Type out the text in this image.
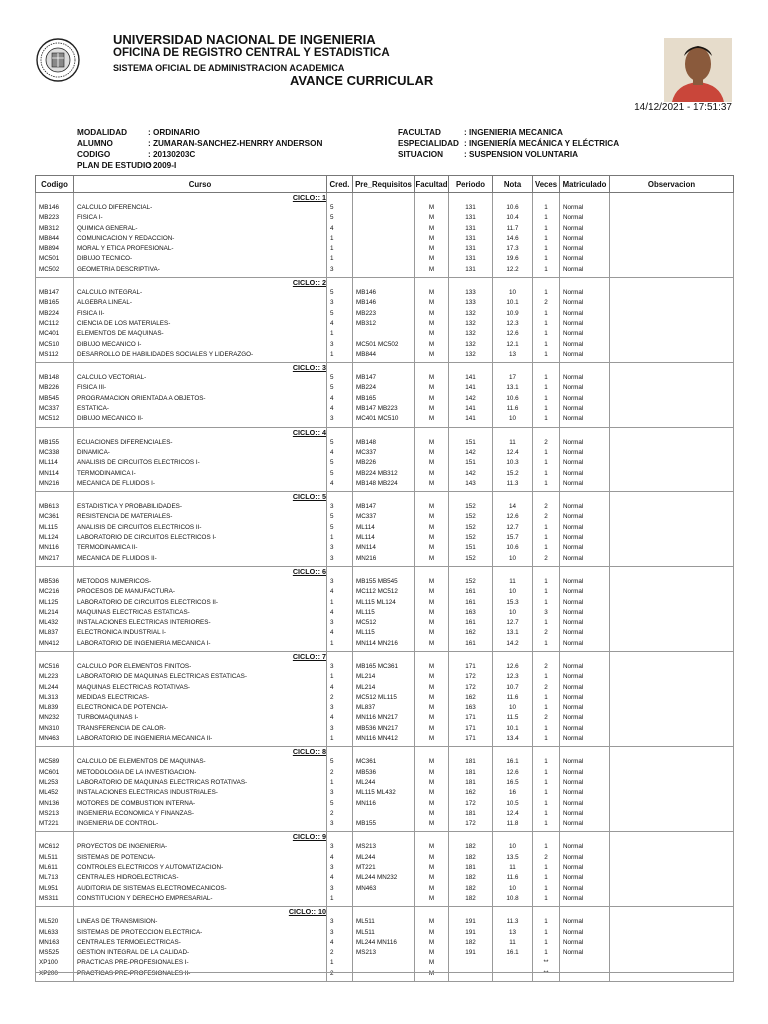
UNIVERSIDAD NACIONAL DE INGENIERIA
OFICINA DE REGISTRO CENTRAL Y ESTADISTICA
SISTEMA OFICIAL DE ADMINISTRACION ACADEMICA
AVANCE CURRICULAR
14/12/2021 - 17:51:37
MODALIDAD	: ORDINARIO
ALUMNO	: ZUMARAN-SANCHEZ-HENRRY ANDERSON
CODIGO	: 20130203C
PLAN DE ESTUDIO: 2009-I
FACULTAD	: INGENIERIA MECANICA
ESPECIALIDAD : INGENIERÍA MECÁNICA Y ELÉCTRICA
SITUACION	: SUSPENSION VOLUNTARIA
Codigo	Curso	Cred.	Pre_Requisitos	Facultad	Periodo	Nota	Veces	Matriculado	Observacion
	CICLO:: 1								
MB146	CALCULO DIFERENCIAL-	5		M	131	10.6	1	Normal	
MB223	FISICA I-	5		M	131	10.4	1	Normal	
MB312	QUIMICA GENERAL-	4		M	131	11.7	1	Normal	
MB844	COMUNICACION Y REDACCION-	1		M	131	14.6	1	Normal	
MB894	MORAL Y ETICA PROFESIONAL-	1		M	131	17.3	1	Normal	
MC501	DIBUJO TECNICO-	1		M	131	19.6	1	Normal	
MC502	GEOMETRIA DESCRIPTIVA-	3		M	131	12.2	1	Normal	

	CICLO:: 2								
MB147	CALCULO INTEGRAL-	5	MB146	M	133	10	1	Normal	
MB165	ALGEBRA LINEAL-	3	MB146	M	133	10.1	2	Normal	
MB224	FISICA II-	5	MB223	M	132	10.9	1	Normal	
MC112	CIENCIA DE LOS MATERIALES-	4	MB312	M	132	12.3	1	Normal	
MC401	ELEMENTOS DE MAQUINAS-	1		M	132	12.6	1	Normal	
MC510	DIBUJO MECANICO I-	3	MC501 MC502	M	132	12.1	1	Normal	
MS112	DESARROLLO DE HABILIDADES SOCIALES Y LIDERAZGO-	1	MB844	M	132	13	1	Normal	

	CICLO:: 3								
MB148	CALCULO VECTORIAL-	5	MB147	M	141	17	1	Normal	
MB226	FISICA III-	5	MB224	M	141	13.1	1	Normal	
MB545	PROGRAMACION ORIENTADA A OBJETOS-	4	MB165	M	142	10.6	1	Normal	
MC337	ESTATICA-	4	MB147 MB223	M	141	11.6	1	Normal	
MC512	DIBUJO MECANICO II-	3	MC401 MC510	M	141	10	1	Normal	

	CICLO:: 4								
MB155	ECUACIONES DIFERENCIALES-	5	MB148	M	151	11	2	Normal	
MC338	DINAMICA-	4	MC337	M	142	12.4	1	Normal	
ML114	ANALISIS DE CIRCUITOS ELECTRICOS I-	5	MB226	M	151	10.3	1	Normal	
MN114	TERMODINAMICA I-	5	MB224 MB312	M	142	15.2	1	Normal	
MN216	MECANICA DE FLUIDOS I-	4	MB148 MB224	M	143	11.3	1	Normal	

	CICLO:: 5								
MB613	ESTADISTICA Y PROBABILIDADES-	3	MB147	M	152	14	2	Normal	
MC361	RESISTENCIA DE MATERIALES-	5	MC337	M	152	12.6	2	Normal	
ML115	ANALISIS DE CIRCUITOS ELECTRICOS II-	5	ML114	M	152	12.7	1	Normal	
ML124	LABORATORIO DE CIRCUITOS ELECTRICOS I-	1	ML114	M	152	15.7	1	Normal	
MN116	TERMODINAMICA II-	3	MN114	M	151	10.6	1	Normal	
MN217	MECANICA DE FLUIDOS II-	3	MN216	M	152	10	2	Normal	

	CICLO:: 6								
MB536	METODOS NUMERICOS-	3	MB155 MB545	M	152	11	1	Normal	
MC216	PROCESOS DE MANUFACTURA-	4	MC112 MC512	M	161	10	1	Normal	
ML125	LABORATORIO DE CIRCUITOS ELECTRICOS II-	1	ML115 ML124	M	161	15.3	1	Normal	
ML214	MAQUINAS ELECTRICAS ESTATICAS-	4	ML115	M	163	10	3	Normal	
ML432	INSTALACIONES ELECTRICAS INTERIORES-	3	MC512	M	161	12.7	1	Normal	
ML837	ELECTRONICA INDUSTRIAL I-	4	ML115	M	162	13.1	2	Normal	
MN412	LABORATORIO DE INGENIERIA MECANICA I-	1	MN114 MN216	M	161	14.2	1	Normal	

	CICLO:: 7								
MC516	CALCULO POR ELEMENTOS FINITOS-	3	MB165 MC361	M	171	12.6	2	Normal	
ML223	LABORATORIO DE MAQUINAS ELECTRICAS ESTATICAS-	1	ML214	M	172	12.3	1	Normal	
ML244	MAQUINAS ELECTRICAS ROTATIVAS-	4	ML214	M	172	10.7	2	Normal	
ML313	MEDIDAS ELECTRICAS-	2	MC512 ML115	M	162	11.6	1	Normal	
ML839	ELECTRONICA DE POTENCIA-	3	ML837	M	163	10	1	Normal	
MN232	TURBOMAQUINAS I-	4	MN116 MN217	M	171	11.5	2	Normal	
MN310	TRANSFERENCIA DE CALOR-	3	MB536 MN217	M	171	10.1	1	Normal	
MN463	LABORATORIO DE INGENIERIA MECANICA II-	1	MN116 MN412	M	171	13.4	1	Normal	

	CICLO:: 8								
MC589	CALCULO DE ELEMENTOS DE MAQUINAS-	5	MC361	M	181	16.1	1	Normal	
MC601	METODOLOGIA DE LA INVESTIGACION-	2	MB536	M	181	12.6	1	Normal	
ML253	LABORATORIO DE MAQUINAS ELECTRICAS ROTATIVAS-	1	ML244	M	181	16.5	1	Normal	
ML452	INSTALACIONES ELECTRICAS INDUSTRIALES-	3	ML115 ML432	M	162	16	1	Normal	
MN136	MOTORES DE COMBUSTION INTERNA-	5	MN116	M	172	10.5	1	Normal	
MS213	INGENIERIA ECONOMICA Y FINANZAS-	2		M	181	12.4	1	Normal	
MT221	INGENIERIA DE CONTROL-	3	MB155	M	172	11.8	1	Normal	

	CICLO:: 9								
MC612	PROYECTOS DE INGENIERIA-	3	MS213	M	182	10	1	Normal	
ML511	SISTEMAS DE POTENCIA-	4	ML244	M	182	13.5	2	Normal	
ML611	CONTROLES ELECTRICOS Y AUTOMATIZACION-	3	MT221	M	181	11	1	Normal	
ML713	CENTRALES HIDROELECTRICAS-	4	ML244 MN232	M	182	11.6	1	Normal	
ML951	AUDITORIA DE SISTEMAS ELECTROMECANICOS-	3	MN463	M	182	10	1	Normal	
MS311	CONSTITUCION Y DERECHO EMPRESARIAL-	1		M	182	10.8	1	Normal	

	CICLO:: 10								
ML520	LINEAS DE TRANSMISION-	3	ML511	M	191	11.3	1	Normal	
ML633	SISTEMAS DE PROTECCION ELECTRICA-	3	ML511	M	191	13	1	Normal	
MN163	CENTRALES TERMOELECTRICAS-	4	ML244 MN116	M	182	11	1	Normal	
MS525	GESTION INTEGRAL DE LA CALIDAD-	2	MS213	M	191	16.1	1	Normal	
XP100	PRACTICAS PRE-PROFESIONALES I-	1		M			**		
XP200	PRACTICAS PRE-PROFESIONALES II-	2		M			**		
